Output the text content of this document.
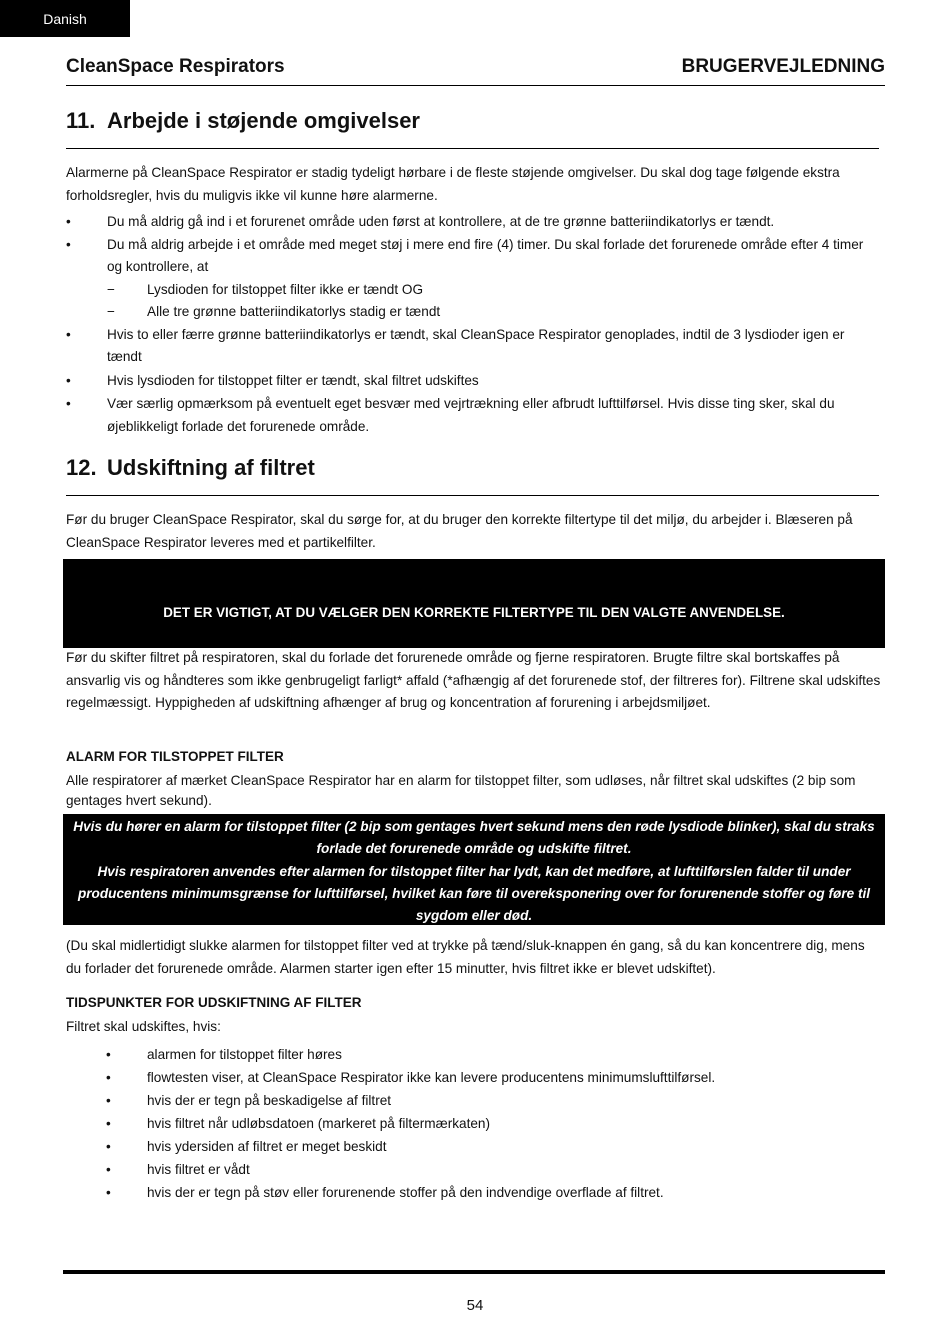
Danish
CleanSpace Respirators	BRUGERVEJLEDNING
11. Arbejde i støjende omgivelser

Alarmerne på CleanSpace Respirator er stadig tydeligt hørbare i de fleste støjende omgivelser. Du skal dog tage følgende ekstra forholdsregler, hvis du muligvis ikke vil kunne høre alarmerne.

• Du må aldrig gå ind i et forurenet område uden først at kontrollere, at de tre grønne batteriindikatorlys er tændt.
• Du må aldrig arbejde i et område med meget støj i mere end fire (4) timer. Du skal forlade det forurenede område efter 4 timer og kontrollere, at
− Lysdioden for tilstoppet filter ikke er tændt OG
− Alle tre grønne batteriindikatorlys stadig er tændt
• Hvis to eller færre grønne batteriindikatorlys er tændt, skal CleanSpace Respirator genoplades, indtil de 3 lysdioder igen er tændt
• Hvis lysdioden for tilstoppet filter er tændt, skal filtret udskiftes
• Vær særlig opmærksom på eventuelt eget besvær med vejrtrækning eller afbrudt lufttilførsel. Hvis disse ting sker, skal du øjeblikkeligt forlade det forurenede område.
12. Udskiftning af filtret

Før du bruger CleanSpace Respirator, skal du sørge for, at du bruger den korrekte filtertype til det miljø, du arbejder i. Blæseren på CleanSpace Respirator leveres med et partikelfilter.

DET ER VIGTIGT, AT DU VÆLGER DEN KORREKTE FILTERTYPE TIL DEN VALGTE ANVENDELSE.

Før du skifter filtret på respiratoren, skal du forlade det forurenede område og fjerne respiratoren. Brugte filtre skal bortskaffes på ansvarlig vis og håndteres som ikke genbrugeligt farligt* affald (*afhængig af det forurenede stof, der filtreres for). Filtrene skal udskiftes regelmæssigt. Hyppigheden af udskiftning afhænger af brug og koncentration af forurening i arbejdsmiljøet.

ALARM FOR TILSTOPPET FILTER

Alle respiratorer af mærket CleanSpace Respirator har en alarm for tilstoppet filter, som udløses, når filtret skal udskiftes (2 bip som gentages hvert sekund).

Hvis du hører en alarm for tilstoppet filter (2 bip som gentages hvert sekund mens den røde lysdiode blinker), skal du straks forlade det forurenede område og udskifte filtret.
Hvis respiratoren anvendes efter alarmen for tilstoppet filter har lydt, kan det medføre, at lufttilførslen falder til under producentens minimumsgrænse for lufttilførsel, hvilket kan føre til overeksponering over for forurenende stoffer og føre til sygdom eller død.

(Du skal midlertidigt slukke alarmen for tilstoppet filter ved at trykke på tænd/sluk-knappen én gang, så du kan koncentrere dig, mens du forlader det forurenede område. Alarmen starter igen efter 15 minutter, hvis filtret ikke er blevet udskiftet).

TIDSPUNKTER FOR UDSKIFTNING AF FILTER
Filtret skal udskiftes, hvis:
• alarmen for tilstoppet filter høres
• flowtesten viser, at CleanSpace Respirator ikke kan levere producentens minimumslufttilførsel.
• hvis der er tegn på beskadigelse af filtret
• hvis filtret når udløbsdatoen (markeret på filtermærkaten)
• hvis ydersiden af filtret er meget beskidt
• hvis filtret er vådt
• hvis der er tegn på støv eller forurenende stoffer på den indvendige overflade af filtret.
54
